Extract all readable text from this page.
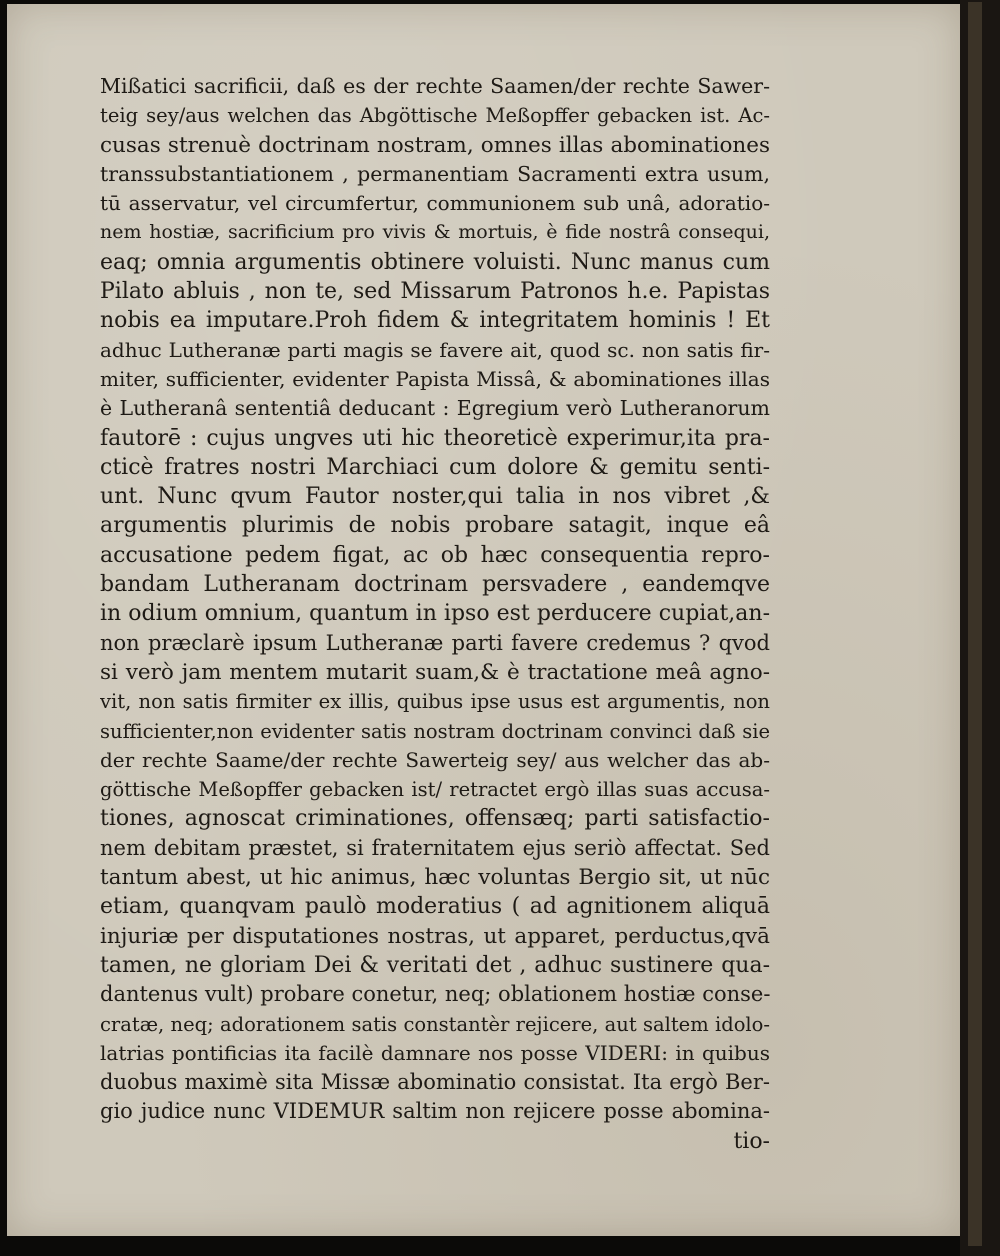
Mißatici sacrificii, daß es der rechte Saamen/der rechte Sawer-
teig sey/aus welchen das Abgöttische Meßopffer gebacken ist. Ac-
cusas strenuè doctrinam nostram, omnes illas abominationes
transsubstantiationem , permanentiam Sacramenti extra usum,
tū asservatur, vel circumfertur, communionem sub unâ, adoratio-
nem hostiæ, sacrificium pro vivis & mortuis, è fide nostrâ consequi,
eaq; omnia argumentis obtinere voluisti. Nunc manus cum
Pilato abluis , non te, sed Missarum Patronos h.e. Papistas
nobis ea imputare.Proh fidem & integritatem hominis ! Et
adhuc Lutheranæ parti magis se favere ait, quod sc. non satis fir-
miter, sufficienter, evidenter Papista Missâ, & abominationes illas
è Lutheranâ sententiâ deducant : Egregium verò Lutheranorum
fautorē : cujus ungves uti hic theoreticè experimur,ita pra-
cticè fratres nostri Marchiaci cum dolore & gemitu senti-
unt. Nunc qvum Fautor noster,qui talia in nos vibret ,&
argumentis plurimis de nobis probare satagit, inque eâ
accusatione pedem figat, ac ob hæc consequentia repro-
bandam Lutheranam doctrinam persvadere , eandemqve
in odium omnium, quantum in ipso est perducere cupiat,an-
non præclarè ipsum Lutheranæ parti favere credemus ? qvod
si verò jam mentem mutarit suam,& è tractatione meâ agno-
vit, non satis firmiter ex illis, quibus ipse usus est argumentis, non
sufficienter,non evidenter satis nostram doctrinam convinci daß sie
der rechte Saame/der rechte Sawerteig sey/ aus welcher das ab-
göttische Meßopffer gebacken ist/ retractet ergò illas suas accusa-
tiones, agnoscat criminationes, offensæq; parti satisfactio-
nem debitam præstet, si fraternitatem ejus seriò affectat. Sed
tantum abest, ut hic animus, hæc voluntas Bergio sit, ut nūc
etiam, quanqvam paulò moderatius ( ad agnitionem aliquā
injuriæ per disputationes nostras, ut apparet, perductus,qvā
tamen, ne gloriam Dei & veritati det , adhuc sustinere qua-
dantenus vult) probare conetur, neq; oblationem hostiæ conse-
cratæ, neq; adorationem satis constantèr rejicere, aut saltem idolo-
latrias pontificias ita facilè damnare nos posse VIDERI: in quibus
duobus maximè sita Missæ abominatio consistat. Ita ergò Ber-
gio judice nunc VIDEMUR saltim non rejicere posse abomina-
tio-
